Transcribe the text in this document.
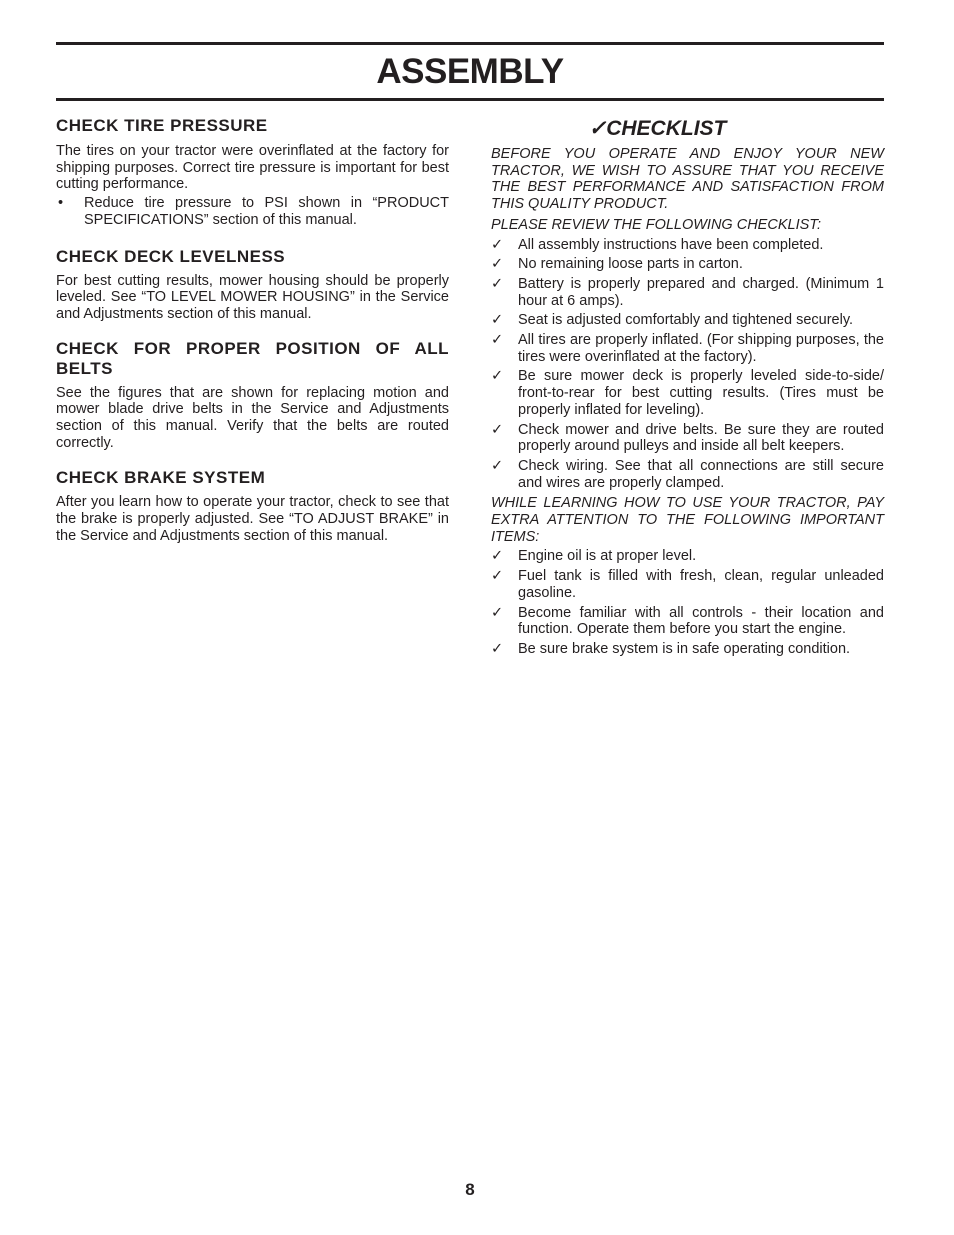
ASSEMBLY
CHECK TIRE PRESSURE

The tires on your tractor were overinflated at the factory for shipping purposes. Correct tire pressure is important for best cutting performance.

•	Reduce tire pressure to PSI shown in “PRODUCT SPECIFICATIONS” section of this manual.
CHECK DECK LEVELNESS

For best cutting results, mower housing should be properly leveled. See “TO LEVEL MOWER HOUSING” in the Service and Adjustments section of this manual.

CHECK FOR PROPER POSITION OF ALL BELTS

See the figures that are shown for replacing motion and mower blade drive belts in the Service and Adjustments section of this manual. Verify that the belts are routed correctly.

CHECK BRAKE SYSTEM

After you learn how to operate your tractor, check to see that the brake is properly adjusted. See “TO ADJUST BRAKE” in the Service and Adjustments section of this manual.

✓CHECKLIST

BEFORE YOU OPERATE AND ENJOY YOUR NEW TRACTOR, WE WISH TO ASSURE THAT YOU RECEIVE THE BEST PERFORMANCE AND SATISFACTION FROM THIS QUALITY PRODUCT.

PLEASE REVIEW THE FOLLOWING CHECKLIST:

✓	All assembly instructions have been completed.
✓	No remaining loose parts in carton.
✓	Battery is properly prepared and charged. (Minimum 1 hour at 6 amps).
✓	Seat is adjusted comfortably and tightened securely.
✓	All tires are properly inflated. (For shipping purposes, the tires were overinflated at the factory).
✓	Be sure mower deck is properly leveled side-to-side/ front-to-rear for best cutting results. (Tires must be properly inflated for leveling).
✓	Check mower and drive belts. Be sure they are routed properly around pulleys and inside all belt keepers.
✓	Check wiring. See that all connections are still secure and wires are properly clamped.

WHILE LEARNING HOW TO USE YOUR TRACTOR, PAY EXTRA ATTENTION TO THE FOLLOWING IMPORTANT ITEMS:

✓	Engine oil is at proper level.
✓	Fuel tank is filled with fresh, clean, regular unleaded gasoline.
✓	Become familiar with all controls - their location and function. Operate them before you start the engine.
✓	Be sure brake system is in safe operating condition.
8
